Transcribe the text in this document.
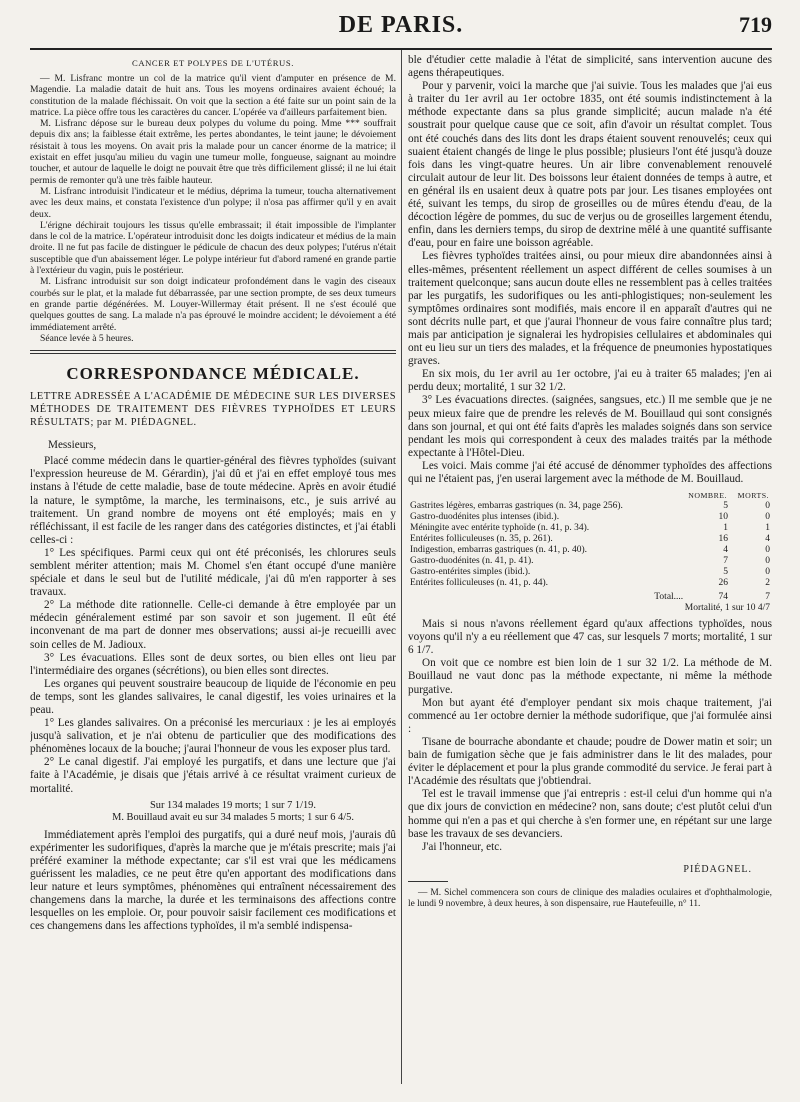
DE PARIS.	719
CANCER ET POLYPES DE L'UTÉRUS.

— M. Lisfranc montre un col de la matrice qu'il vient d'amputer en présence de M. Magendie. La maladie datait de huit ans. Tous les moyens ordinaires avaient échoué; la constitution de la malade fléchissait. On voit que la section a été faite sur un point sain de la matrice. La pièce offre tous les caractères du cancer. L'opérée va d'ailleurs parfaitement bien.

M. Lisfranc dépose sur le bureau deux polypes du volume du poing. Mme *** souffrait depuis dix ans; la faiblesse était extrême, les pertes abondantes, le teint jaune; le dévoiement résistait à tous les moyens. On avait pris la malade pour un cancer énorme de la matrice; il existait en effet jusqu'au milieu du vagin une tumeur molle, fongueuse, saignant au moindre toucher, et autour de laquelle le doigt ne pouvait être que très difficilement glissé; il ne lui était permis de remonter qu'à une très faible hauteur.

M. Lisfranc introduisit l'indicateur et le médius, déprima la tumeur, toucha alternativement avec les deux mains, et constata l'existence d'un polype; il n'osa pas affirmer qu'il y en avait deux.

L'érigne déchirait toujours les tissus qu'elle embrassait; il était impossible de l'implanter dans le col de la matrice. L'opérateur introduisit donc les doigts indicateur et médius de la main droite. Il ne fut pas facile de distinguer le pédicule de chacun des deux polypes; l'utérus n'était susceptible que d'un abaissement léger. Le polype intérieur fut d'abord ramené en grande partie à l'extérieur du vagin, puis le postérieur.

M. Lisfranc introduisit sur son doigt indicateur profondément dans le vagin des ciseaux courbés sur le plat, et la malade fut débarrassée, par une section prompte, de ses deux tumeurs en grande partie dégénérées. M. Louyer-Willermay était présent. Il ne s'est écoulé que quelques gouttes de sang. La malade n'a pas éprouvé le moindre accident; le dévoiement a été immédiatement arrêté.

Séance levée à 5 heures.

CORRESPONDANCE MÉDICALE.
LETTRE ADRESSÉE A L'ACADÉMIE DE MÉDECINE SUR LES DIVERSES MÉTHODES DE TRAITEMENT DES FIÈVRES TYPHOÏDES ET LEURS RÉSULTATS; par M. PIÉDAGNEL.

Messieurs,

Placé comme médecin dans le quartier-général des fièvres typhoïdes (suivant l'expression heureuse de M. Gérardin), j'ai dû et j'ai en effet employé tous mes instans à l'étude de cette maladie, base de toute médecine. Après en avoir étudié la nature, le symptôme, la marche, les terminaisons, etc., je suis arrivé au traitement. Un grand nombre de moyens ont été employés; mais en y réfléchissant, il est facile de les ranger dans des catégories distinctes, et j'ai établi celles-ci :

1° Les spécifiques. Parmi ceux qui ont été préconisés, les chlorures seuls semblent mériter attention; mais M. Chomel s'en étant occupé d'une manière spéciale et dans le seul but de l'utilité médicale, j'ai dû m'en rapporter à ses travaux.

2° La méthode dite rationnelle. Celle-ci demande à être employée par un médecin généralement estimé par son savoir et son jugement. Il eût été inconvenant de ma part de donner mes observations; aussi ai-je recueilli avec soin celles de M. Jadioux.

3° Les évacuations. Elles sont de deux sortes, ou bien elles ont lieu par l'intermédiaire des organes (sécrétions), ou bien elles sont directes.

Les organes qui peuvent soustraire beaucoup de liquide de l'économie en peu de temps, sont les glandes salivaires, le canal digestif, les voies urinaires et la peau.

1° Les glandes salivaires. On a préconisé les mercuriaux : je les ai employés jusqu'à salivation, et je n'ai obtenu de particulier que des modifications des phénomènes locaux de la bouche; j'aurai l'honneur de vous les exposer plus tard.

2° Le canal digestif. J'ai employé les purgatifs, et dans une lecture que j'ai faite à l'Académie, je disais que j'étais arrivé à ce résultat vraiment curieux de mortalité.

Sur 134 malades 19 morts; 1 sur 7 1/19.
M. Bouillaud avait eu sur 34 malades 5 morts; 1 sur 6 4/5.

Immédiatement après l'emploi des purgatifs, qui a duré neuf mois, j'aurais dû expérimenter les sudorifiques, d'après la marche que je m'étais prescrite; mais j'ai préféré examiner la méthode expectante; car s'il est vrai que les médicamens guérissent les maladies, ce ne peut être qu'en apportant des modifications dans leur nature et leurs symptômes, phénomènes qui entraînent nécessairement des changemens dans la marche, la durée et les terminaisons des affections contre lesquelles on les emploie. Or, pour pouvoir saisir facilement ces modifications et ces changemens dans les affections typhoïdes, il m'a semblé indispensa-

ble d'étudier cette maladie à l'état de simplicité, sans intervention aucune des agens thérapeutiques.

Pour y parvenir, voici la marche que j'ai suivie. Tous les malades que j'ai eus à traiter du 1er avril au 1er octobre 1835, ont été soumis indistinctement à la méthode expectante dans sa plus grande simplicité; aucun malade n'a été soustrait pour quelque cause que ce soit, afin d'avoir un résultat complet. Tous ont été couchés dans des lits dont les draps étaient souvent renouvelés; ceux qui suaient étaient changés de linge le plus possible; plusieurs l'ont été jusqu'à douze fois dans les vingt-quatre heures. Un air libre convenablement renouvelé circulait autour de leur lit. Des boissons leur étaient données de temps à autre, et en général ils en usaient deux à quatre pots par jour. Les tisanes employées ont été, suivant les temps, du sirop de groseilles ou de mûres étendu d'eau, de la décoction légère de pommes, du suc de verjus ou de groseilles largement étendu, enfin, dans les derniers temps, du sirop de dextrine mêlé à une quantité suffisante d'eau, pour en faire une boisson agréable.

Les fièvres typhoïdes traitées ainsi, ou pour mieux dire abandonnées ainsi à elles-mêmes, présentent réellement un aspect différent de celles soumises à un traitement quelconque; sans aucun doute elles ne ressemblent pas à celles traitées par les purgatifs, les sudorifiques ou les anti-phlogistiques; non-seulement les symptômes ordinaires sont modifiés, mais encore il en apparaît d'autres qui ne sont décrits nulle part, et que j'aurai l'honneur de vous faire connaître plus tard; mais par anticipation je signalerai les hydropisies cellulaires et abdominales qui ont eu lieu sur un tiers des malades, et la fréquence de pneumonies hypostatiques graves.

En six mois, du 1er avril au 1er octobre, j'ai eu à traiter 65 malades; j'en ai perdu deux; mortalité, 1 sur 32 1/2.

3° Les évacuations directes. (saignées, sangsues, etc.) Il me semble que je ne peux mieux faire que de prendre les relevés de M. Bouillaud qui sont consignés dans son journal, et qui ont été faits d'après les malades soignés dans son service pendant les mois qui correspondent à ceux des malades traités par la méthode expectante à l'Hôtel-Dieu.

Les voici. Mais comme j'ai été accusé de dénommer typhoïdes des affections qui ne l'étaient pas, j'en userai largement avec la méthode de M. Bouillaud.

	NOMBRE.	MORTS.
Gastrites légères, embarras gastriques (n. 34, page 256).	5	0
Gastro-duodénites plus intenses (ibid.).	10	0
Méningite avec entérite typhoïde (n. 41, p. 34).	1	1
Entérites folliculeuses (n. 35, p. 261).	16	4
Indigestion, embarras gastriques (n. 41, p. 40).	4	0
Gastro-duodénites (n. 41, p. 41).	7	0
Gastro-entérites simples (ibid.).	5	0
Entérites folliculeuses (n. 41, p. 44).	26	2
Total....	74	7
Mortalité, 1 sur 10 4/7		

Mais si nous n'avons réellement égard qu'aux affections typhoïdes, nous voyons qu'il n'y a eu réellement que 47 cas, sur lesquels 7 morts; mortalité, 1 sur 6 1/7.

On voit que ce nombre est bien loin de 1 sur 32 1/2. La méthode de M. Bouillaud ne vaut donc pas la méthode expectante, ni même la méthode purgative.

Mon but ayant été d'employer pendant six mois chaque traitement, j'ai commencé au 1er octobre dernier la méthode sudorifique, que j'ai formulée ainsi :

Tisane de bourrache abondante et chaude; poudre de Dower matin et soir; un bain de fumigation sèche que je fais administrer dans le lit des malades, pour éviter le déplacement et pour la plus grande commodité du service. Je ferai part à l'Académie des résultats que j'obtiendrai.

Tel est le travail immense que j'ai entrepris : est-il celui d'un homme qui n'a que dix jours de conviction en médecine? non, sans doute; c'est plutôt celui d'un homme qui n'en a pas et qui cherche à s'en former une, en répétant sur une large base les travaux de ses devanciers.

J'ai l'honneur, etc.

PIÉDAGNEL.

— M. Sichel commencera son cours de clinique des maladies oculaires et d'ophthalmologie, le lundi 9 novembre, à deux heures, à son dispensaire, rue Hautefeuille, n° 11.
